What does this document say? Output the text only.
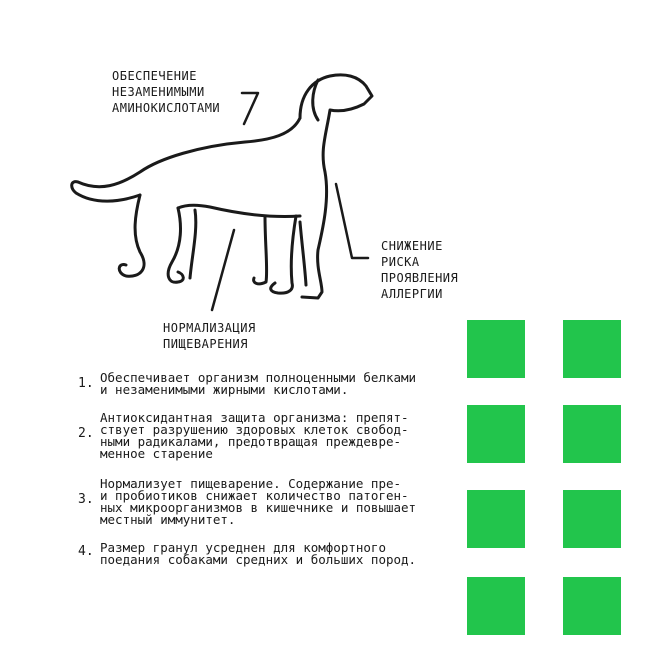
ОБЕСПЕЧЕНИЕ
НЕЗАМЕНИМЫМИ
АМИНОКИСЛОТАМИ
СНИЖЕНИЕ
РИСКА
ПРОЯВЛЕНИЯ
АЛЛЕРГИИ
НОРМАЛИЗАЦИЯ
ПИЩЕВАРЕНИЯ
1. Обеспечивает организм полноценными белками
и незаменимыми жирными кислотами.
2.
Антиоксидантная защита организма: препят-
ствует разрушению здоровых клеток свобод-
ными радикалами, предотвращая преждевре-
менное старение
3.
Нормализует пищеварение. Содержание пре-
и пробиотиков снижает количество патоген-
ных микроорганизмов в кишечнике и повышает
местный иммунитет.
4. Размер гранул усреднен для комфортного
поедания собаками средних и больших пород.
